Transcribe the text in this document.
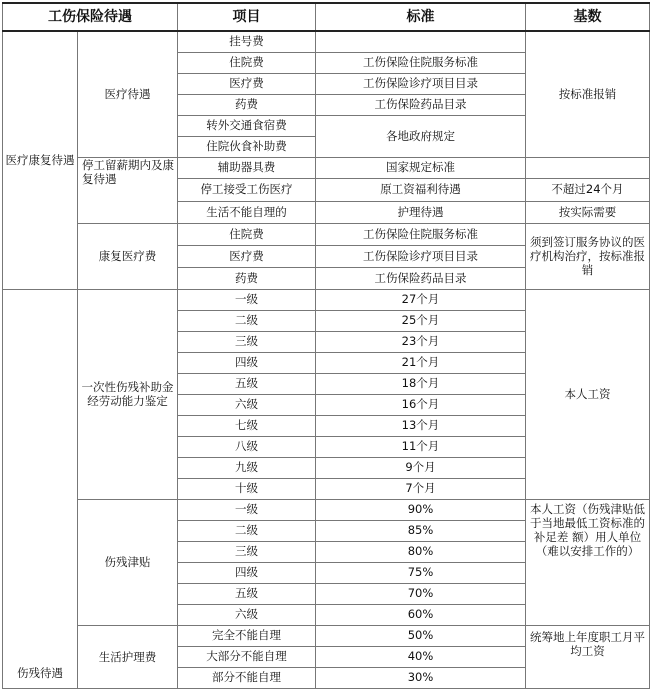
工伤保险待遇		项目	标准	基数
医疗康复待遇	医疗待遇	挂号费		按标准报销
		住院费	工伤保险住院服务标准	
		医疗费	工伤保险诊疗项目目录	
		药费	工伤保险药品目录	
		转外交通食宿费	各地政府规定	
		住院伙食补助费		
	停工留薪期内及康复待遇	辅助器具费	国家规定标准	
		停工接受工伤医疗	原工资福利待遇	不超过24个月
		生活不能自理的	护理待遇	按实际需要
	康复医疗费	住院费	工伤保险住院服务标准	须到签订服务协议的医疗机构治疗，按标准报销
		医疗费	工伤保险诊疗项目目录	
		药费	工伤保险药品目录	
伤残待遇	一次性伤残补助金经劳动能力鉴定	一级	27个月	本人工资
		二级	25个月	
		三级	23个月	
		四级	21个月	
		五级	18个月	
		六级	16个月	
		七级	13个月	
		八级	11个月	
		九级	9个月	
		十级	7个月	
	伤残津贴	一级	90%	本人工资（伤残津贴低于当地最低工资标准的补足差 额）用人单位（难以安排工作的）
		二级	85%	
		三级	80%	
		四级	75%	
		五级	70%	
		六级	60%	
	生活护理费	完全不能自理	50%	统筹地上年度职工月平均工资
		大部分不能自理	40%	
		部分不能自理	30%	
